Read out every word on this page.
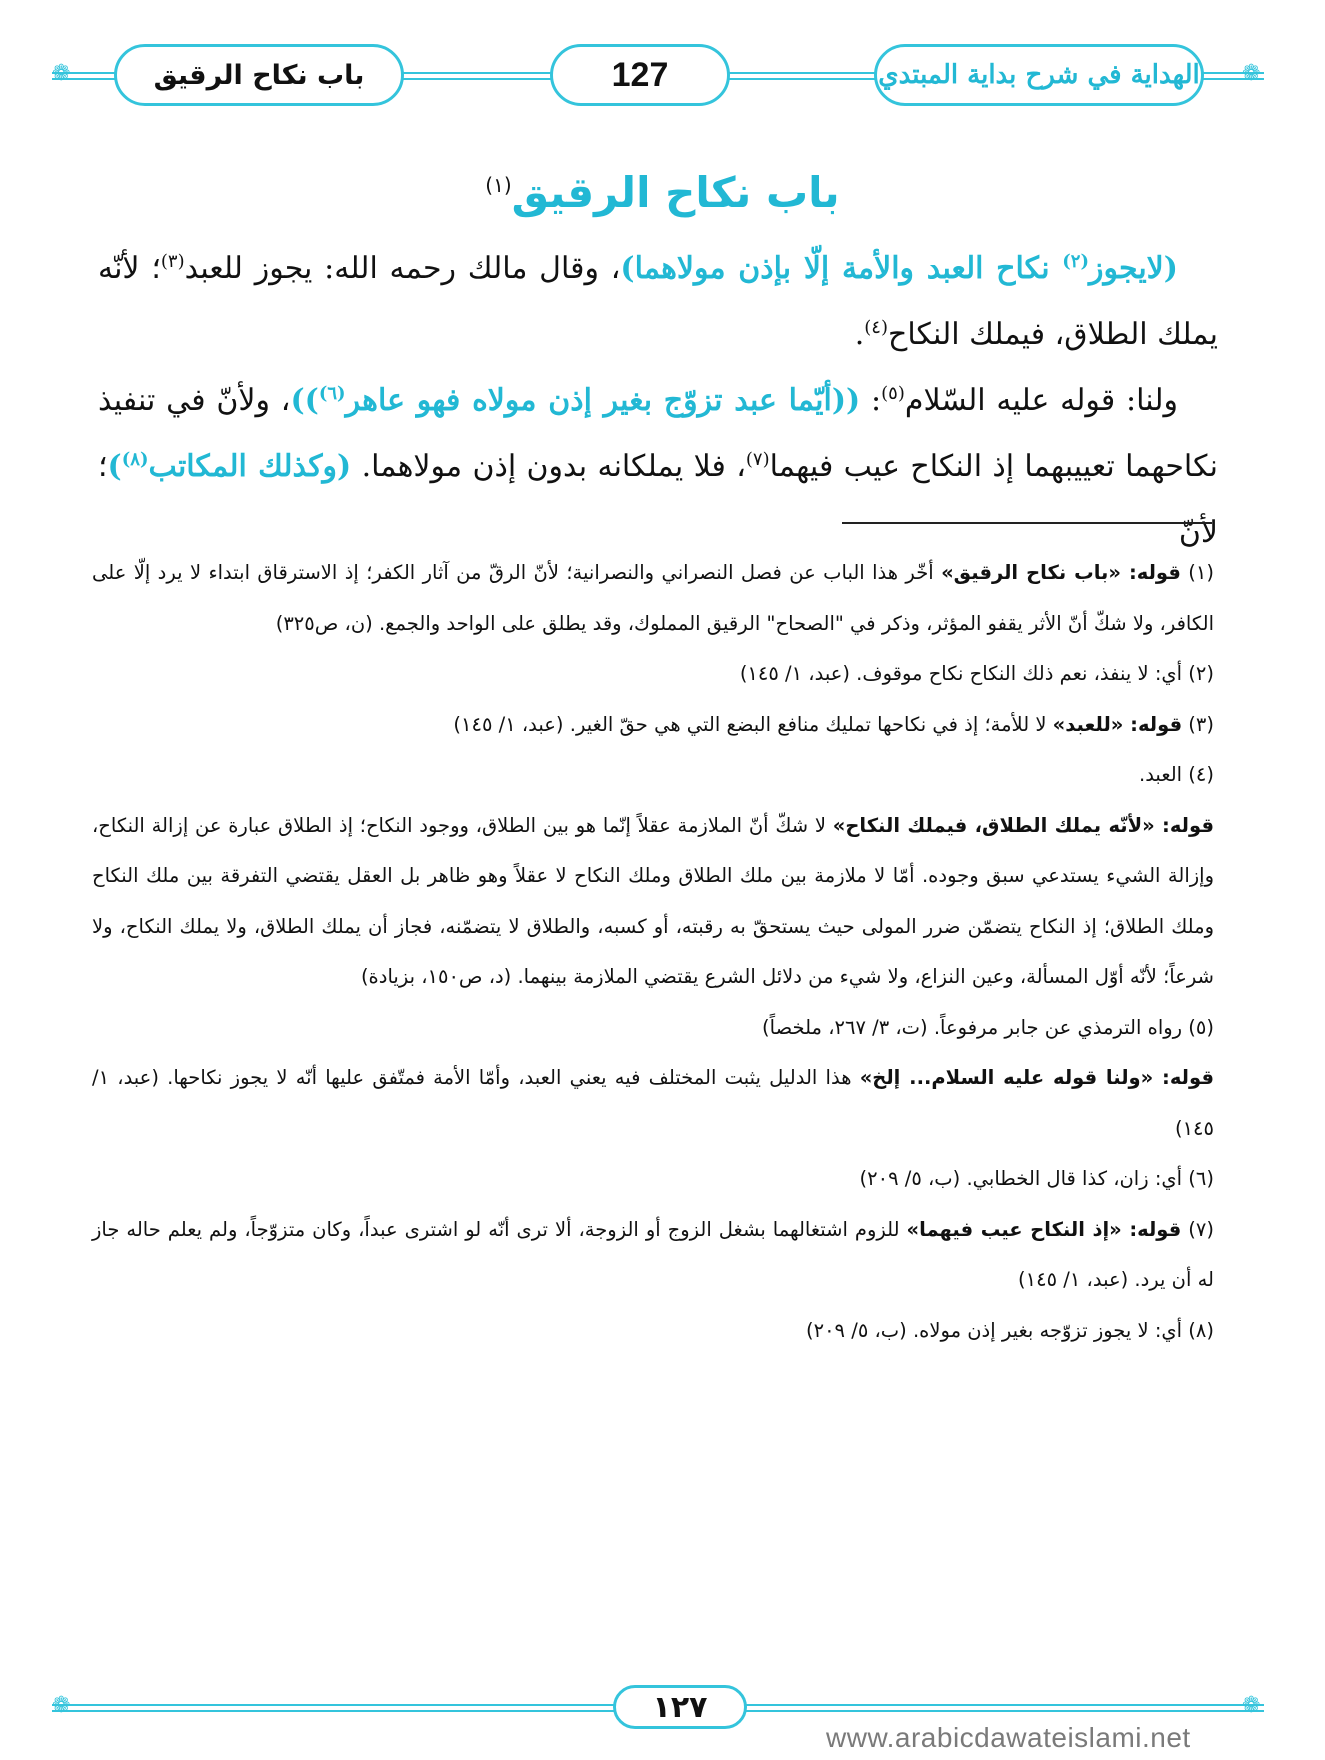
❁	❁
باب نكاح الرقيق	127	الهداية في شرح بداية المبتدي
باب نكاح الرقيق$^{(١)}$

(لايجوز$^{(٢)}$ نكاح العبد والأمة إلّا بإذن مولاهما)، وقال مالك رحمه الله: يجوز للعبد$^{(٣)}$؛ لأنّه يملك الطلاق، فيملك النكاح$^{(٤)}$.

ولنا: قوله عليه السّلام$^{(٥)}$: ((أيّما عبد تزوّج بغير إذن مولاه فهو عاهر$^{(٦)}$))، ولأنّ في تنفيذ نكاحهما تعييبهما إذ النكاح عيب فيهما$^{(٧)}$، فلا يملكانه بدون إذن مولاهما. (وكذلك المكاتب$^{(٨)}$)؛ لأنّ

(١) قوله: «باب نكاح الرقيق» أخّر هذا الباب عن فصل النصراني والنصرانية؛ لأنّ الرقّ من آثار الكفر؛ إذ الاسترقاق ابتداء لا يرد إلّا على الكافر، ولا شكّ أنّ الأثر يقفو المؤثر، وذكر في "الصحاح" الرقيق المملوك، وقد يطلق على الواحد والجمع. (ن، ص٣٢٥)

(٢) أي: لا ينفذ، نعم ذلك النكاح نكاح موقوف. (عبد، ١/ ١٤٥)

(٣) قوله: «للعبد» لا للأمة؛ إذ في نكاحها تمليك منافع البضع التي هي حقّ الغير. (عبد، ١/ ١٤٥)

(٤) العبد.

قوله: «لأنّه يملك الطلاق، فيملك النكاح» لا شكّ أنّ الملازمة عقلاً إنّما هو بين الطلاق، ووجود النكاح؛ إذ الطلاق عبارة عن إزالة النكاح، وإزالة الشيء يستدعي سبق وجوده. أمّا لا ملازمة بين ملك الطلاق وملك النكاح لا عقلاً وهو ظاهر بل العقل يقتضي التفرقة بين ملك النكاح وملك الطلاق؛ إذ النكاح يتضمّن ضرر المولى حيث يستحقّ به رقبته، أو كسبه، والطلاق لا يتضمّنه، فجاز أن يملك الطلاق، ولا يملك النكاح، ولا شرعاً؛ لأنّه أوّل المسألة، وعين النزاع، ولا شيء من دلائل الشرع يقتضي الملازمة بينهما. (د، ص١٥٠، بزيادة)

(٥) رواه الترمذي عن جابر مرفوعاً. (ت، ٣/ ٢٦٧، ملخصاً)

قوله: «ولنا قوله عليه السلام... إلخ» هذا الدليل يثبت المختلف فيه يعني العبد، وأمّا الأمة فمتّفق عليها أنّه لا يجوز نكاحها. (عبد، ١/ ١٤٥)

(٦) أي: زان، كذا قال الخطابي. (ب، ٥/ ٢٠٩)

(٧) قوله: «إذ النكاح عيب فيهما» للزوم اشتغالهما بشغل الزوج أو الزوجة، ألا ترى أنّه لو اشترى عبداً، وكان متزوّجاً، ولم يعلم حاله جاز له أن يرد. (عبد، ١/ ١٤٥)

(٨) أي: لا يجوز تزوّجه بغير إذن مولاه. (ب، ٥/ ٢٠٩)

❁	❁
١٢٧
www.arabicdawateislami.net
